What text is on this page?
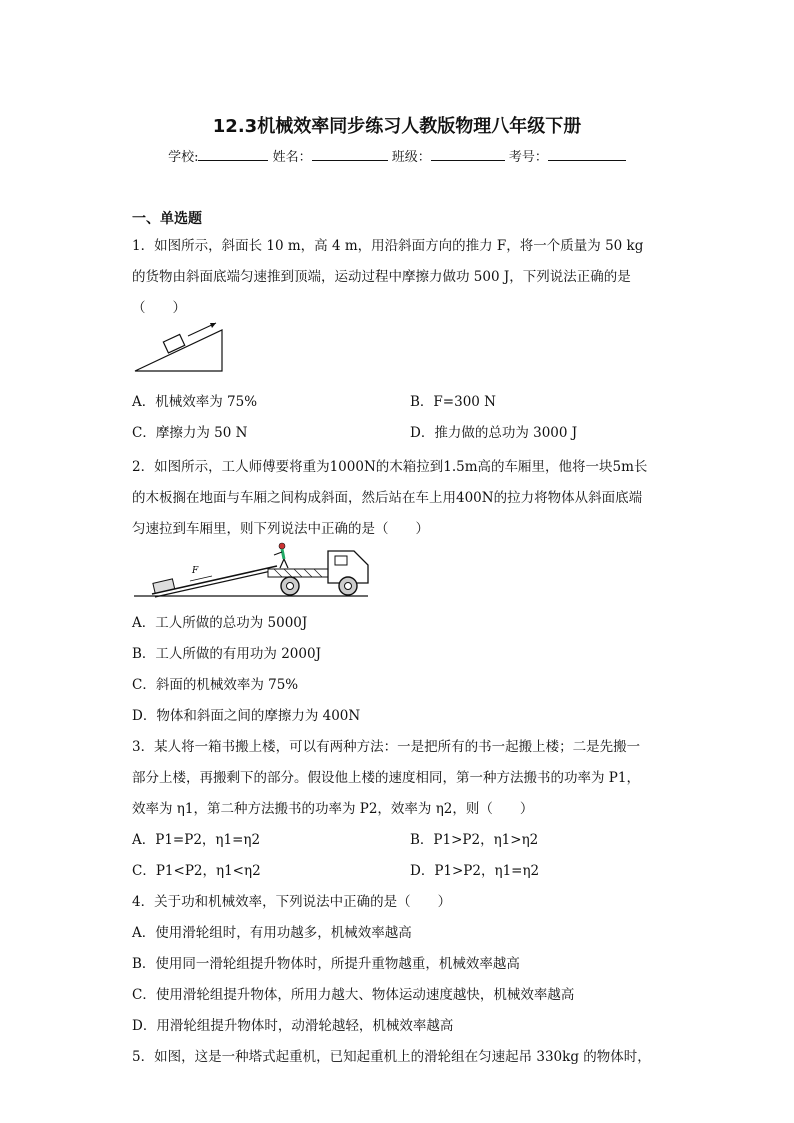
12.3机械效率同步练习人教版物理八年级下册
学校:	姓名：	班级：	考号：
一、单选题
1．如图所示，斜面长 10 m，高 4 m，用沿斜面方向的推力 F，将一个质量为 50 kg
的货物由斜面底端匀速推到顶端，运动过程中摩擦力做功 500 J，下列说法正确的是
（　　）
A．机械效率为 75%	B．F=300 N
C．摩擦力为 50 N	D．推力做的总功为 3000 J
2．如图所示，工人师傅要将重为1000N的木箱拉到1.5m高的车厢里，他将一块5m长
的木板搁在地面与车厢之间构成斜面，然后站在车上用400N的拉力将物体从斜面底端
匀速拉到车厢里，则下列说法中正确的是（　　）
F
A．工人所做的总功为 5000J
B．工人所做的有用功为 2000J
C．斜面的机械效率为 75%
D．物体和斜面之间的摩擦力为 400N
3．某人将一箱书搬上楼，可以有两种方法：一是把所有的书一起搬上楼；二是先搬一
部分上楼，再搬剩下的部分。假设他上楼的速度相同，第一种方法搬书的功率为 P1，
效率为 η1，第二种方法搬书的功率为 P2，效率为 η2，则（　　）
A．P1=P2，η1=η2	B．P1>P2，η1>η2
C．P1<P2，η1<η2	D．P1>P2，η1=η2
4．关于功和机械效率，下列说法中正确的是（　　）
A．使用滑轮组时，有用功越多，机械效率越高
B．使用同一滑轮组提升物体时，所提升重物越重，机械效率越高
C．使用滑轮组提升物体，所用力越大、物体运动速度越快，机械效率越高
D．用滑轮组提升物体时，动滑轮越轻，机械效率越高
5．如图，这是一种塔式起重机，已知起重机上的滑轮组在匀速起吊 330kg 的物体时，
